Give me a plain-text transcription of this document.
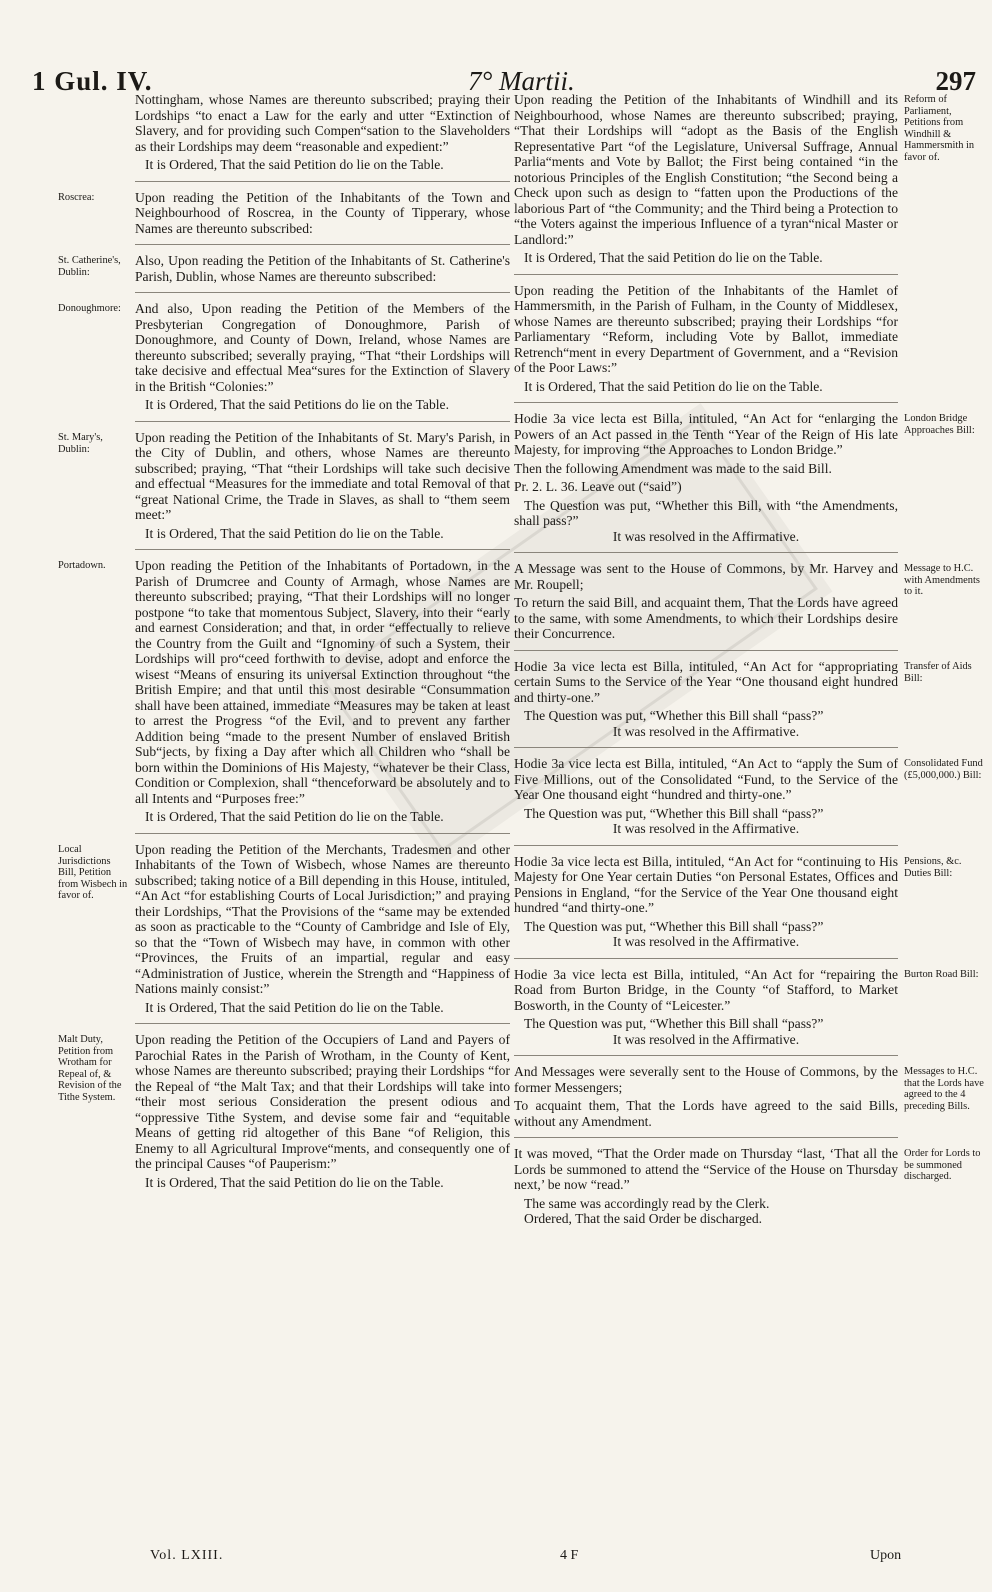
1 Gul. IV.	7° Martii.	297

Nottingham, whose Names are thereunto subscribed; praying their Lordships “to enact a Law for the early and utter “Extinction of Slavery, and for providing such Compen“sation to the Slaveholders as their Lordships may deem “reasonable and expedient:”

It is Ordered, That the said Petition do lie on the Table.

Upon reading the Petition of the Inhabitants of the Town and Neighbourhood of Roscrea, in the County of Tipperary, whose Names are thereunto subscribed:

Also, Upon reading the Petition of the Inhabitants of St. Catherine's Parish, Dublin, whose Names are thereunto subscribed:

And also, Upon reading the Petition of the Members of the Presbyterian Congregation of Donoughmore, Parish of Donoughmore, and County of Down, Ireland, whose Names are thereunto subscribed; severally praying, “That “their Lordships will take decisive and effectual Mea“sures for the Extinction of Slavery in the British “Colonies:”

It is Ordered, That the said Petitions do lie on the Table.

Upon reading the Petition of the Inhabitants of St. Mary's Parish, in the City of Dublin, and others, whose Names are thereunto subscribed; praying, “That “their Lordships will take such decisive and effectual “Measures for the immediate and total Removal of that “great National Crime, the Trade in Slaves, as shall to “them seem meet:”

It is Ordered, That the said Petition do lie on the Table.

Upon reading the Petition of the Inhabitants of Portadown, in the Parish of Drumcree and County of Armagh, whose Names are thereunto subscribed; praying, “That their Lordships will no longer postpone “to take that momentous Subject, Slavery, into their “early and earnest Consideration; and that, in order “effectually to relieve the Country from the Guilt and “Ignominy of such a System, their Lordships will pro“ceed forthwith to devise, adopt and enforce the wisest “Means of ensuring its universal Extinction throughout “the British Empire; and that until this most desirable “Consummation shall have been attained, immediate “Measures may be taken at least to arrest the Progress “of the Evil, and to prevent any farther Addition being “made to the present Number of enslaved British Sub“jects, by fixing a Day after which all Children who “shall be born within the Dominions of His Majesty, “whatever be their Class, Condition or Complexion, shall “thenceforward be absolutely and to all Intents and “Purposes free:”

It is Ordered, That the said Petition do lie on the Table.

Upon reading the Petition of the Merchants, Tradesmen and other Inhabitants of the Town of Wisbech, whose Names are thereunto subscribed; taking notice of a Bill depending in this House, intituled, “An Act “for establishing Courts of Local Jurisdiction;” and praying their Lordships, “That the Provisions of the “same may be extended as soon as practicable to the “County of Cambridge and Isle of Ely, so that the “Town of Wisbech may have, in common with other “Provinces, the Fruits of an impartial, regular and easy “Administration of Justice, wherein the Strength and “Happiness of Nations mainly consist:”

It is Ordered, That the said Petition do lie on the Table.

Upon reading the Petition of the Occupiers of Land and Payers of Parochial Rates in the Parish of Wrotham, in the County of Kent, whose Names are thereunto subscribed; praying their Lordships “for the Repeal of “the Malt Tax; and that their Lordships will take into “their most serious Consideration the present odious and “oppressive Tithe System, and devise some fair and “equitable Means of getting rid altogether of this Bane “of Religion, this Enemy to all Agricultural Improve“ments, and consequently one of the principal Causes “of Pauperism:”

It is Ordered, That the said Petition do lie on the Table.

Upon reading the Petition of the Inhabitants of Windhill and its Neighbourhood, whose Names are thereunto subscribed; praying, “That their Lordships will “adopt as the Basis of the English Representative Part “of the Legislature, Universal Suffrage, Annual Parlia“ments and Vote by Ballot; the First being contained “in the notorious Principles of the English Constitution; “the Second being a Check upon such as design to “fatten upon the Productions of the laborious Part of “the Community; and the Third being a Protection to “the Voters against the imperious Influence of a tyran“nical Master or Landlord:”

It is Ordered, That the said Petition do lie on the Table.

Upon reading the Petition of the Inhabitants of the Hamlet of Hammersmith, in the Parish of Fulham, in the County of Middlesex, whose Names are thereunto subscribed; praying their Lordships “for Parliamentary “Reform, including Vote by Ballot, immediate Retrench“ment in every Department of Government, and a “Revision of the Poor Laws:”

It is Ordered, That the said Petition do lie on the Table.

Hodie 3a vice lecta est Billa, intituled, “An Act for “enlarging the Powers of an Act passed in the Tenth “Year of the Reign of His late Majesty, for improving “the Approaches to London Bridge.”

Then the following Amendment was made to the said Bill.

Pr. 2. L. 36. Leave out (“said”)

The Question was put, “Whether this Bill, with “the Amendments, shall pass?”

It was resolved in the Affirmative.

A Message was sent to the House of Commons, by Mr. Harvey and Mr. Roupell;

To return the said Bill, and acquaint them, That the Lords have agreed to the same, with some Amendments, to which their Lordships desire their Concurrence.

Hodie 3a vice lecta est Billa, intituled, “An Act for “appropriating certain Sums to the Service of the Year “One thousand eight hundred and thirty-one.”

The Question was put, “Whether this Bill shall “pass?”

It was resolved in the Affirmative.

Hodie 3a vice lecta est Billa, intituled, “An Act to “apply the Sum of Five Millions, out of the Consolidated “Fund, to the Service of the Year One thousand eight “hundred and thirty-one.”

The Question was put, “Whether this Bill shall “pass?”

It was resolved in the Affirmative.

Hodie 3a vice lecta est Billa, intituled, “An Act for “continuing to His Majesty for One Year certain Duties “on Personal Estates, Offices and Pensions in England, “for the Service of the Year One thousand eight hundred “and thirty-one.”

The Question was put, “Whether this Bill shall “pass?”

It was resolved in the Affirmative.

Hodie 3a vice lecta est Billa, intituled, “An Act for “repairing the Road from Burton Bridge, in the County “of Stafford, to Market Bosworth, in the County of “Leicester.”

The Question was put, “Whether this Bill shall “pass?”

It was resolved in the Affirmative.

And Messages were severally sent to the House of Commons, by the former Messengers;

To acquaint them, That the Lords have agreed to the said Bills, without any Amendment.

It was moved, “That the Order made on Thursday “last, ‘That all the Lords be summoned to attend the “Service of the House on Thursday next,’ be now “read.”

The same was accordingly read by the Clerk.

Ordered, That the said Order be discharged.

Roscrea:
St. Catherine's, Dublin:
Donoughmore:
St. Mary's, Dublin:
Portadown.
Local Jurisdictions Bill, Petition from Wisbech in favor of.
Malt Duty, Petition from Wrotham for Repeal of, & Revision of the Tithe System.
Reform of Parliament, Petitions from Windhill & Hammersmith in favor of.
London Bridge Approaches Bill:
Message to H.C. with Amendments to it.
Transfer of Aids Bill:
Consolidated Fund (£5,000,000.) Bill:
Pensions, &c. Duties Bill:
Burton Road Bill:
Messages to H.C. that the Lords have agreed to the 4 preceding Bills.
Order for Lords to be summoned discharged.
Vol. LXIII.	4 F	Upon
